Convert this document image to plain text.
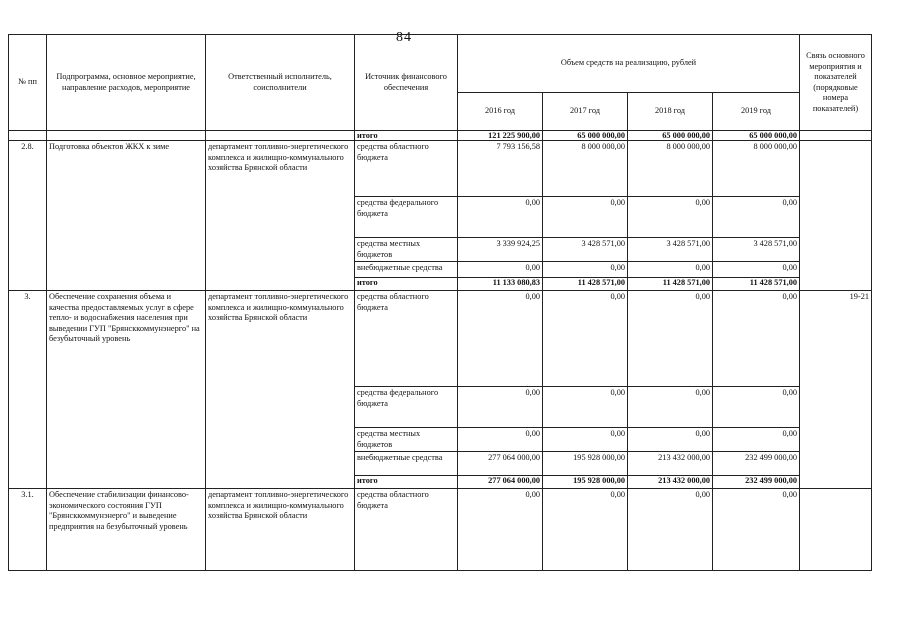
84
№ пп	Подпрограмма, основное мероприятие, направление расходов, мероприятие	Ответственный исполнитель, соисполнители	Источник финансового обеспечения	Объем средств на реализацию, рублей				Связь основного мероприятия и показателей (порядковые номера показателей)
				2016 год	2017 год	2018 год	2019 год	
			итого	121 225 900,00	65 000 000,00	65 000 000,00	65 000 000,00	
2.8.	Подготовка объектов ЖКХ к зиме	департамент топливно-энергетического комплекса и жилищно-коммунального хозяйства Брянской области	средства областного бюджета	7 793 156,58	8 000 000,00	8 000 000,00	8 000 000,00	
			средства федерального бюджета	0,00	0,00	0,00	0,00	
			средства местных бюджетов	3 339 924,25	3 428 571,00	3 428 571,00	3 428 571,00	
			внебюджетные средства	0,00	0,00	0,00	0,00	
			итого	11 133 080,83	11 428 571,00	11 428 571,00	11 428 571,00	
3.	Обеспечение сохранения объема и качества предоставляемых услуг в сфере тепло- и водоснабжения населения при выведении ГУП "Брянсккоммунэнерго" на безубыточный уровень	департамент топливно-энергетического комплекса и жилищно-коммунального хозяйства Брянской области	средства областного бюджета	0,00	0,00	0,00	0,00	19-21
			средства федерального бюджета	0,00	0,00	0,00	0,00	
			средства местных бюджетов	0,00	0,00	0,00	0,00	
			внебюджетные средства	277 064 000,00	195 928 000,00	213 432 000,00	232 499 000,00	
			итого	277 064 000,00	195 928 000,00	213 432 000,00	232 499 000,00	
3.1.	Обеспечение стабилизации финансово- экономического состояния ГУП "Брянсккоммунэнерго" и выведение предприятия на безубыточный уровень	департамент топливно-энергетического комплекса и жилищно-коммунального хозяйства Брянской области	средства областного бюджета	0,00	0,00	0,00	0,00	
